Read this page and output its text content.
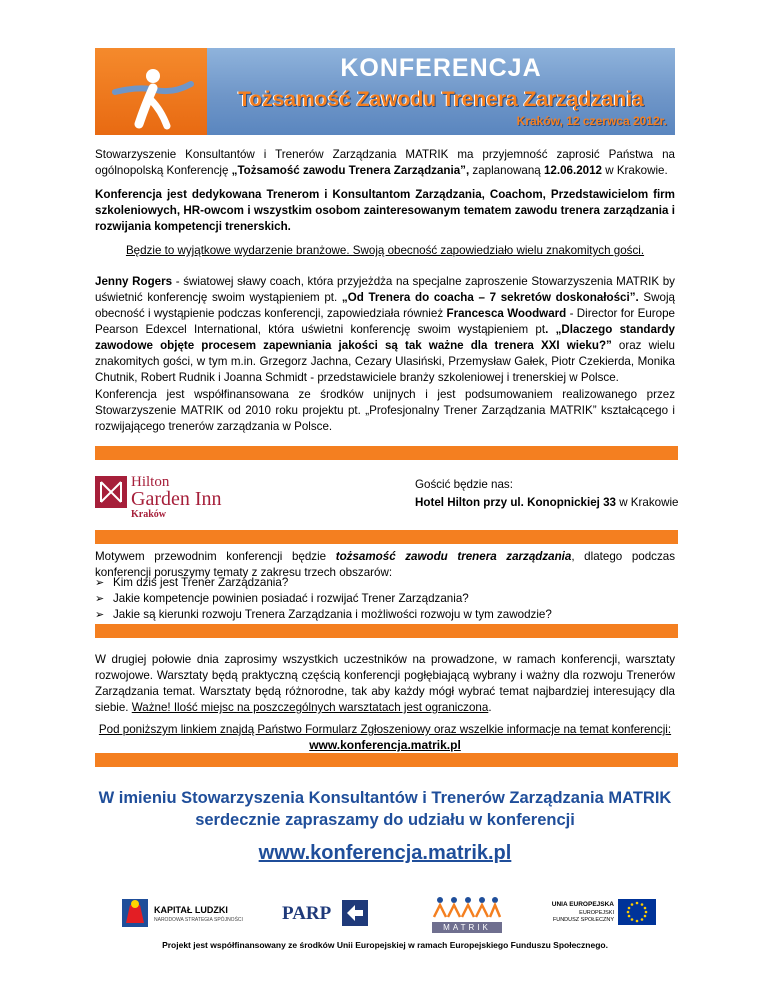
KONFERENCJA
Tożsamość Zawodu Trenera Zarządzania
Kraków, 12 czerwca 2012r.

Stowarzyszenie Konsultantów i Trenerów Zarządzania MATRIK ma przyjemność zaprosić Państwa na ogólnopolską Konferencję „Tożsamość zawodu Trenera Zarządzania”, zaplanowaną 12.06.2012 w Krakowie.

Konferencja jest dedykowana Trenerom i Konsultantom Zarządzania, Coachom, Przedstawicielom firm szkoleniowych, HR-owcom i wszystkim osobom zainteresowanym tematem zawodu trenera zarządzania i rozwijania kompetencji trenerskich.

Będzie to wyjątkowe wydarzenie branżowe. Swoją obecność zapowiedziało wielu znakomitych gości.

Jenny Rogers - światowej sławy coach, która przyjeżdża na specjalne zaproszenie Stowarzyszenia MATRIK by uświetnić konferencję swoim wystąpieniem pt. „Od Trenera do coacha – 7 sekretów doskonałości”. Swoją obecność i wystąpienie podczas konferencji, zapowiedziała również Francesca Woodward - Director for Europe Pearson Edexcel International, która uświetni konferencję swoim wystąpieniem pt. „Dlaczego standardy zawodowe objęte procesem zapewniania jakości są tak ważne dla trenera XXI wieku?” oraz wielu znakomitych gości, w tym m.in. Grzegorz Jachna, Cezary Ulasiński, Przemysław Gałek, Piotr Czekierda, Monika Chutnik, Robert Rudnik i Joanna Schmidt - przedstawiciele branży szkoleniowej i trenerskiej w Polsce.

Konferencja jest współfinansowana ze środków unijnych i jest podsumowaniem realizowanego przez Stowarzyszenie MATRIK od 2010 roku projektu pt. „Profesjonalny Trener Zarządzania MATRIK” kształcącego i rozwijającego trenerów zarządzania w Polsce.

Hilton
Garden Inn
Kraków
Gościć będzie nas:
Hotel Hilton przy ul. Konopnickiej 33 w Krakowie

Motywem przewodnim konferencji będzie tożsamość zawodu trenera zarządzania, dlatego podczas konferencji poruszymy tematy z zakresu trzech obszarów:

➢ Kim dziś jest Trener Zarządzania?
➢ Jakie kompetencje powinien posiadać i rozwijać Trener Zarządzania?
➢ Jakie są kierunki rozwoju Trenera Zarządzania i możliwości rozwoju w tym zawodzie?

W drugiej połowie dnia zaprosimy wszystkich uczestników na prowadzone, w ramach konferencji, warsztaty rozwojowe. Warsztaty będą praktyczną częścią konferencji pogłębiającą wybrany i ważny dla rozwoju Trenerów Zarządzania temat. Warsztaty będą różnorodne, tak aby każdy mógł wybrać temat najbardziej interesujący dla siebie. Ważne! Ilość miejsc na poszczególnych warsztatach jest ograniczona.

Pod poniższym linkiem znajdą Państwo Formularz Zgłoszeniowy oraz wszelkie informacje na temat konferencji:

www.konferencja.matrik.pl
W imieniu Stowarzyszenia Konsultantów i Trenerów Zarządzania MATRIK
serdecznie zapraszamy do udziału w konferencji
www.konferencja.matrik.pl
KAPITAŁ LUDZKI
NARODOWA STRATEGIA SPÓJNOŚCI PARP
MATRIK
UNIA EUROPEJSKA
EUROPEJSKI
FUNDUSZ SPOŁECZNY
Projekt jest współfinansowany ze środków Unii Europejskiej w ramach Europejskiego Funduszu Społecznego.
